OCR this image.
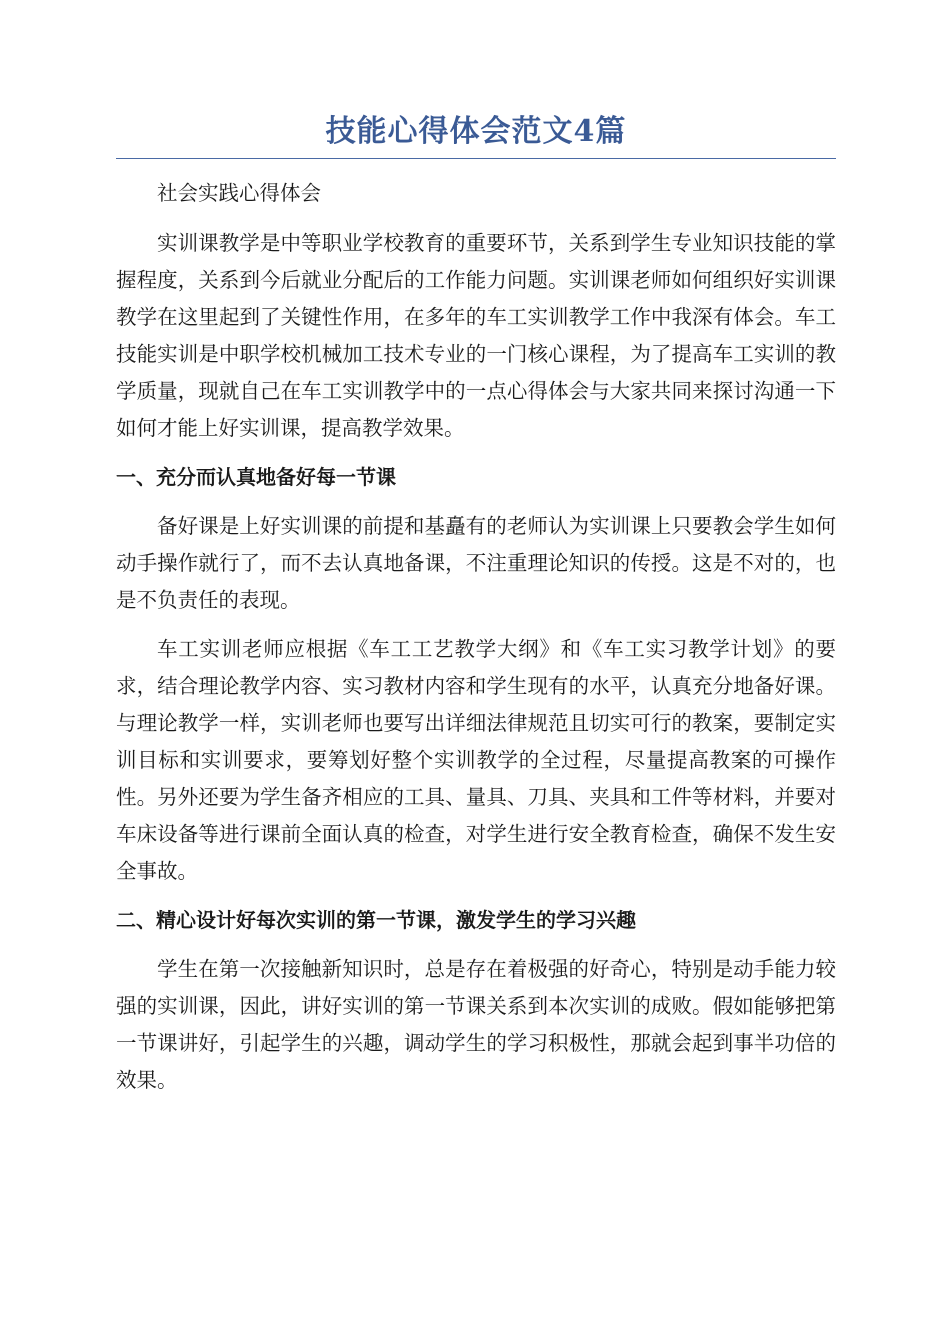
技能心得体会范文4篇

社会实践心得体会

实训课教学是中等职业学校教育的重要环节，关系到学生专业知识技能的掌握程度，关系到今后就业分配后的工作能力问题。实训课老师如何组织好实训课教学在这里起到了关键性作用，在多年的车工实训教学工作中我深有体会。车工技能实训是中职学校机械加工技术专业的一门核心课程，为了提高车工实训的教学质量，现就自己在车工实训教学中的一点心得体会与大家共同来探讨沟通一下如何才能上好实训课，提高教学效果。

一、充分而认真地备好每一节课

备好课是上好实训课的前提和基矗有的老师认为实训课上只要教会学生如何动手操作就行了，而不去认真地备课，不注重理论知识的传授。这是不对的，也是不负责任的表现。

车工实训老师应根据《车工工艺教学大纲》和《车工实习教学计划》的要求，结合理论教学内容、实习教材内容和学生现有的水平，认真充分地备好课。与理论教学一样，实训老师也要写出详细法律规范且切实可行的教案，要制定实训目标和实训要求，要筹划好整个实训教学的全过程，尽量提高教案的可操作性。另外还要为学生备齐相应的工具、量具、刀具、夹具和工件等材料，并要对车床设备等进行课前全面认真的检查，对学生进行安全教育检查，确保不发生安全事故。

二、精心设计好每次实训的第一节课，激发学生的学习兴趣

学生在第一次接触新知识时，总是存在着极强的好奇心，特别是动手能力较强的实训课，因此，讲好实训的第一节课关系到本次实训的成败。假如能够把第一节课讲好，引起学生的兴趣，调动学生的学习积极性，那就会起到事半功倍的效果。
